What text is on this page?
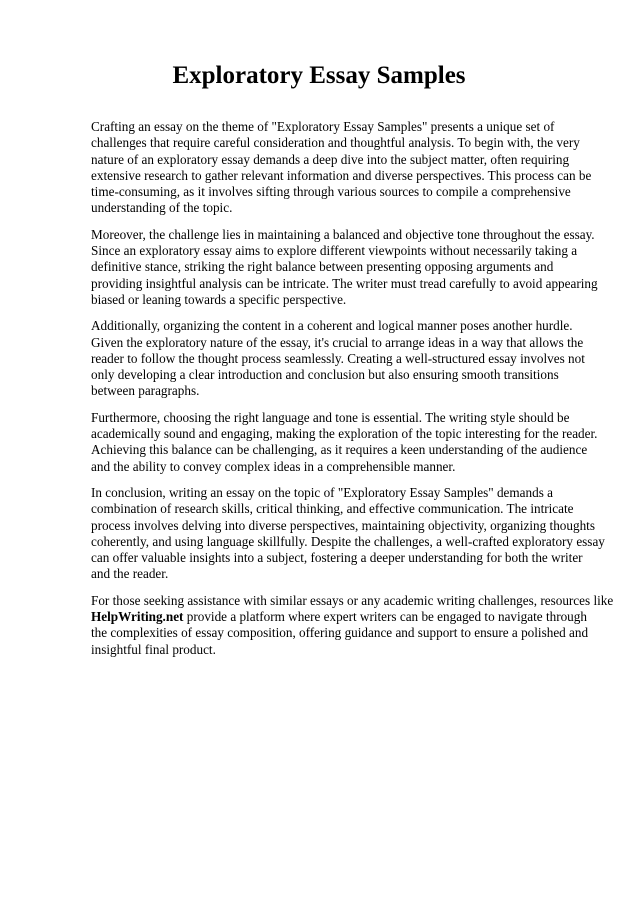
Exploratory Essay Samples

Crafting an essay on the theme of "Exploratory Essay Samples" presents a unique set of
challenges that require careful consideration and thoughtful analysis. To begin with, the very
nature of an exploratory essay demands a deep dive into the subject matter, often requiring
extensive research to gather relevant information and diverse perspectives. This process can be
time-consuming, as it involves sifting through various sources to compile a comprehensive
understanding of the topic.

Moreover, the challenge lies in maintaining a balanced and objective tone throughout the essay.
Since an exploratory essay aims to explore different viewpoints without necessarily taking a
definitive stance, striking the right balance between presenting opposing arguments and
providing insightful analysis can be intricate. The writer must tread carefully to avoid appearing
biased or leaning towards a specific perspective.

Additionally, organizing the content in a coherent and logical manner poses another hurdle.
Given the exploratory nature of the essay, it's crucial to arrange ideas in a way that allows the
reader to follow the thought process seamlessly. Creating a well-structured essay involves not
only developing a clear introduction and conclusion but also ensuring smooth transitions
between paragraphs.

Furthermore, choosing the right language and tone is essential. The writing style should be
academically sound and engaging, making the exploration of the topic interesting for the reader.
Achieving this balance can be challenging, as it requires a keen understanding of the audience
and the ability to convey complex ideas in a comprehensible manner.

In conclusion, writing an essay on the topic of "Exploratory Essay Samples" demands a
combination of research skills, critical thinking, and effective communication. The intricate
process involves delving into diverse perspectives, maintaining objectivity, organizing thoughts
coherently, and using language skillfully. Despite the challenges, a well-crafted exploratory essay
can offer valuable insights into a subject, fostering a deeper understanding for both the writer
and the reader.

For those seeking assistance with similar essays or any academic writing challenges, resources like
HelpWriting.net provide a platform where expert writers can be engaged to navigate through
the complexities of essay composition, offering guidance and support to ensure a polished and
insightful final product.
